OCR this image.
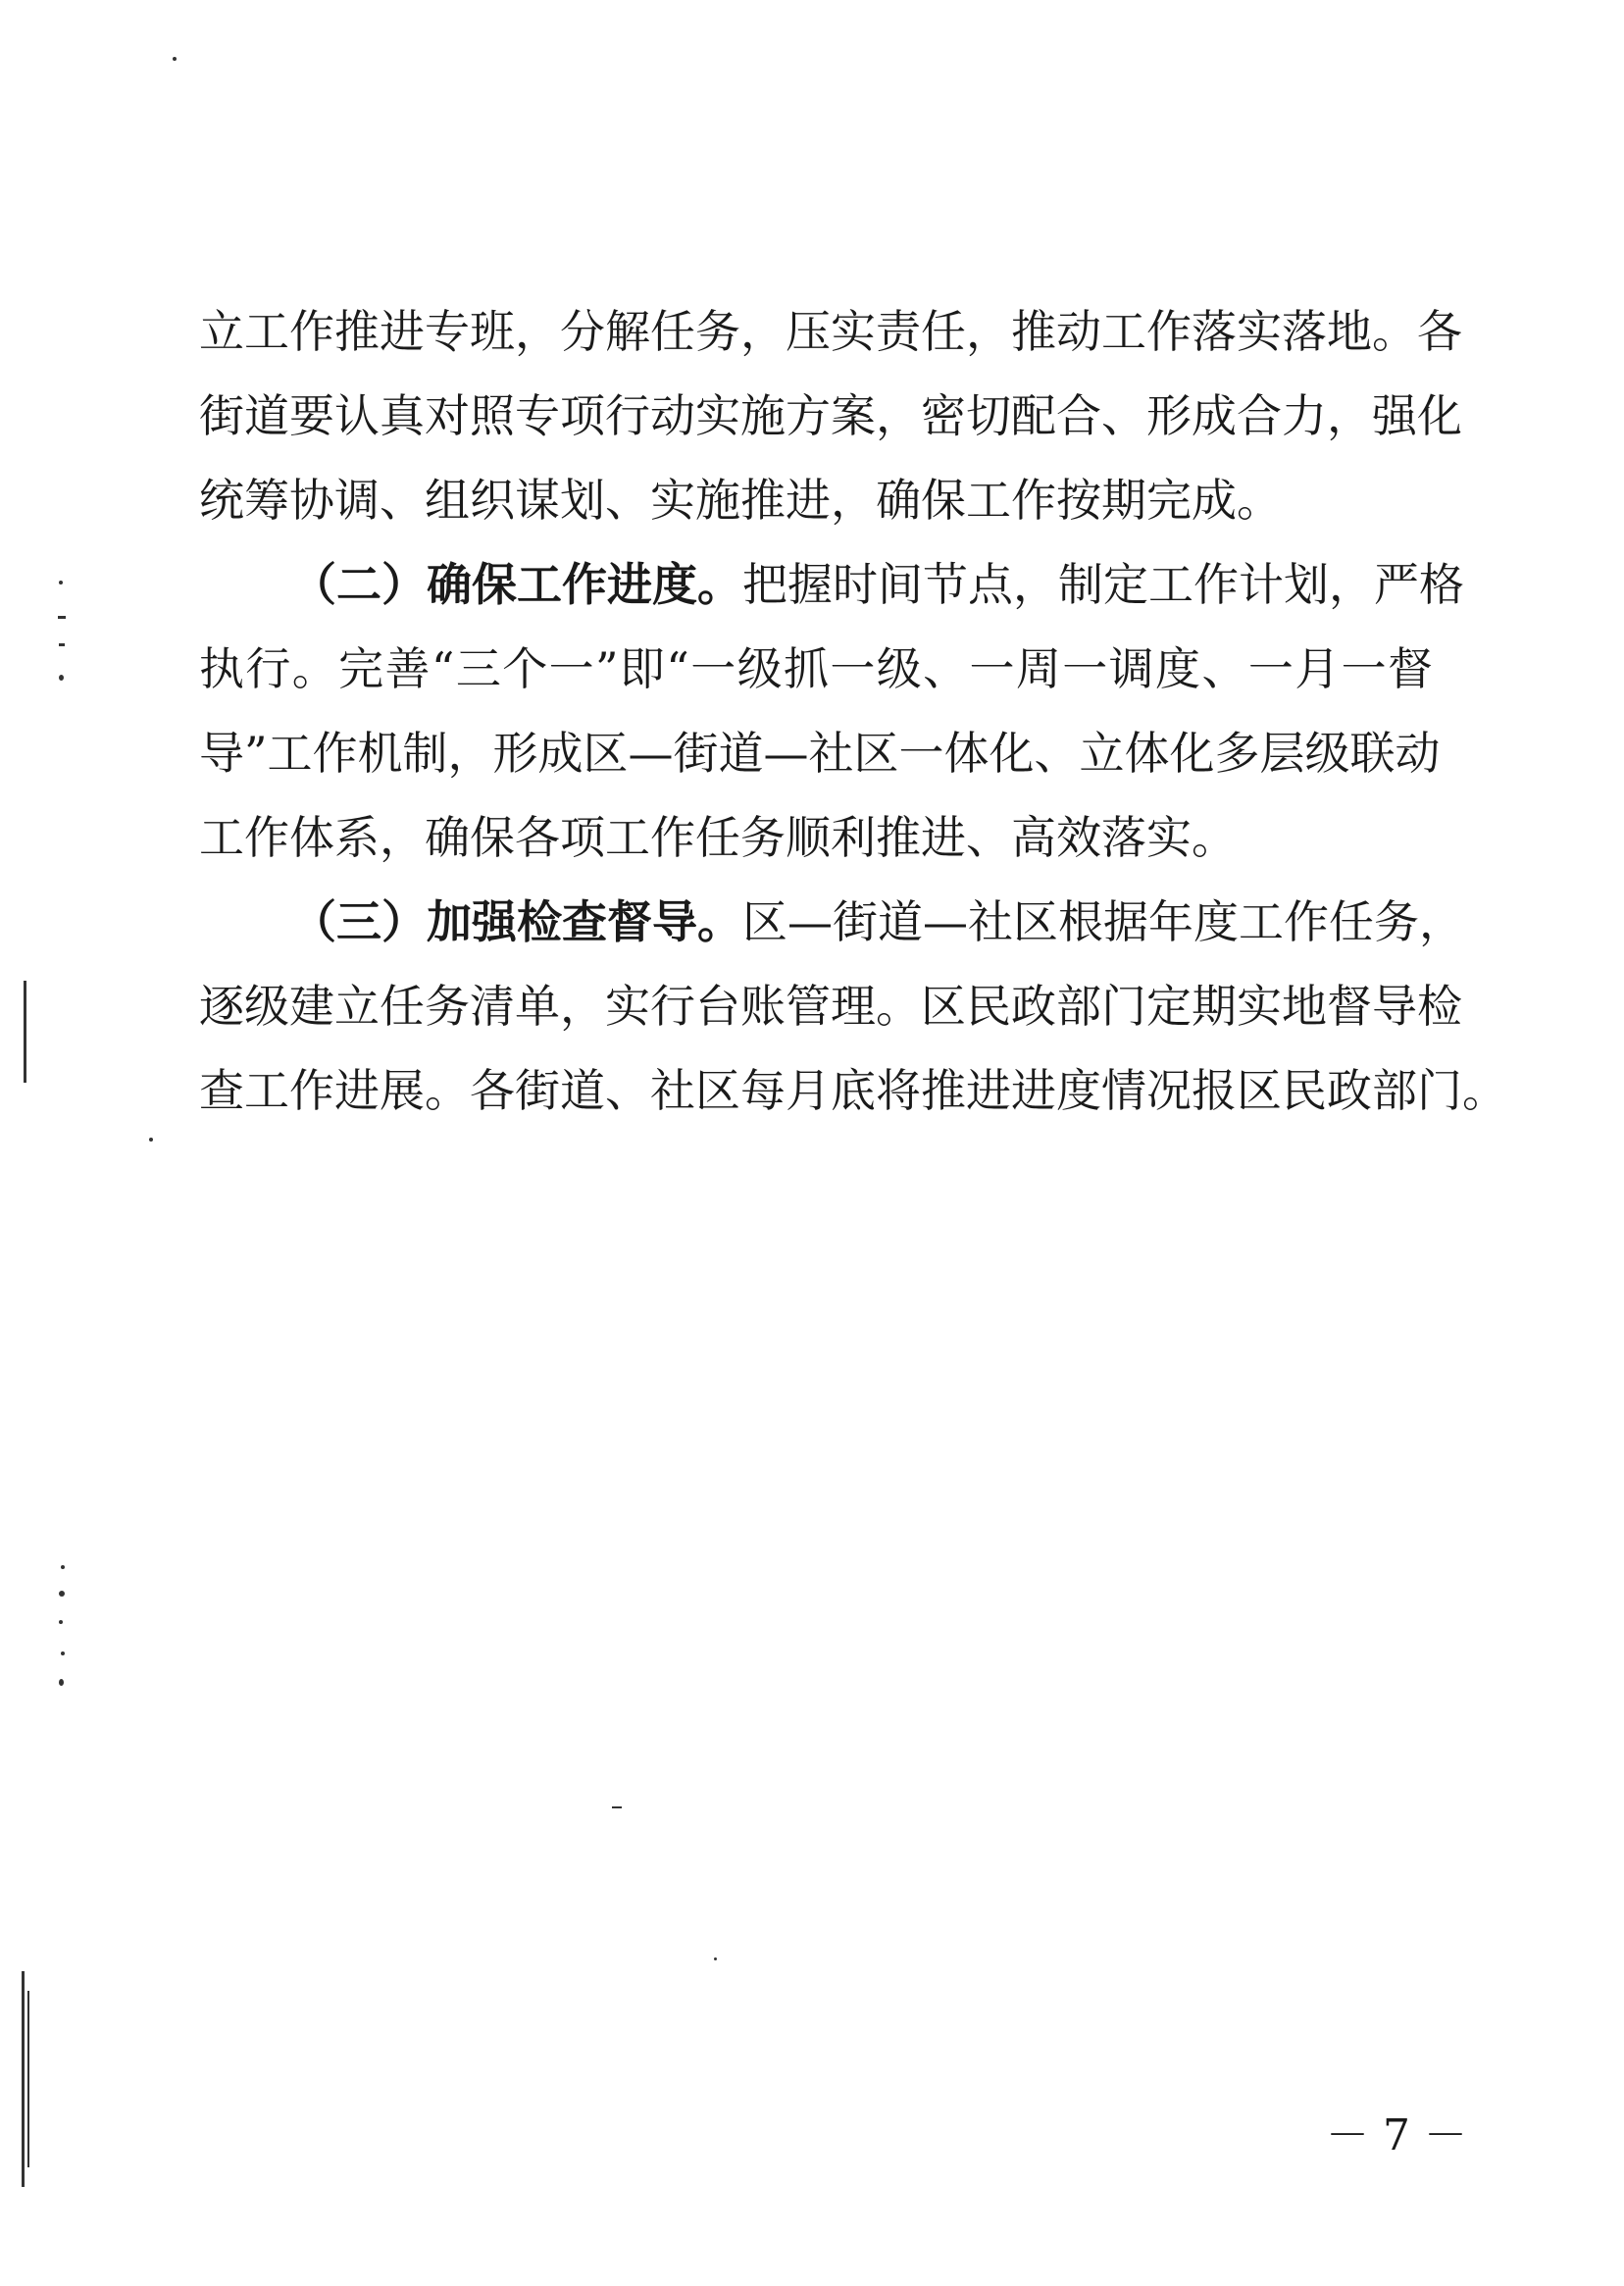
立工作推进专班，分解任务，压实责任，推动工作落实落地。各
街道要认真对照专项行动实施方案，密切配合、形成合力，强化
统筹协调、组织谋划、实施推进，确保工作按期完成。
（二）确保工作进度。把握时间节点，制定工作计划，严格
执行。完善“三个一”即“一级抓一级、一周一调度、一月一督
导”工作机制，形成区—街道—社区一体化、立体化多层级联动
工作体系，确保各项工作任务顺利推进、高效落实。
（三）加强检查督导。区—街道—社区根据年度工作任务，
逐级建立任务清单，实行台账管理。区民政部门定期实地督导检
查工作进展。各街道、社区每月底将推进进度情况报区民政部门。
－ 7 －
